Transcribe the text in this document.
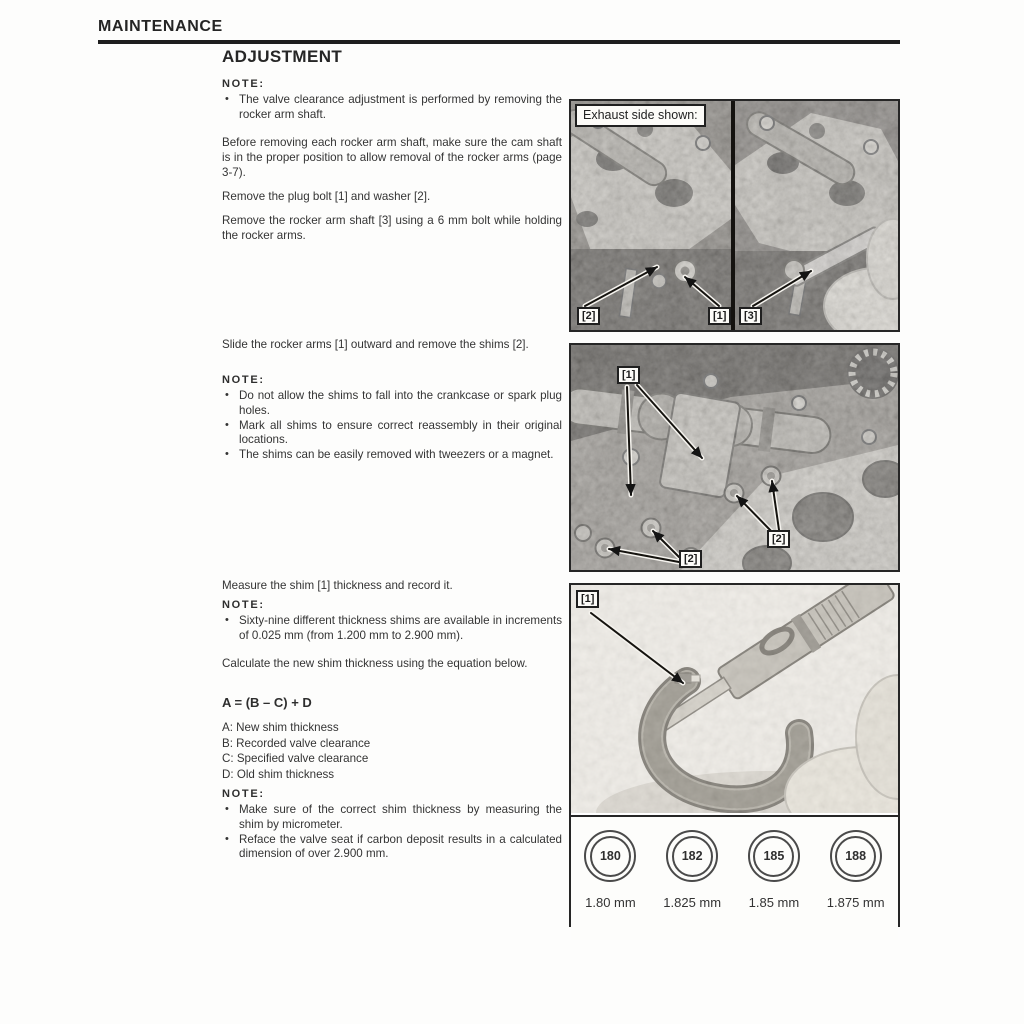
MAINTENANCE
ADJUSTMENT
NOTE:
• The valve clearance adjustment is performed by removing the rocker arm shaft.

Before removing each rocker arm shaft, make sure the cam shaft is in the proper position to allow removal of the rocker arms (page 3-7).

Remove the plug bolt [1] and washer [2].

Remove the rocker arm shaft [3] using a 6 mm bolt while holding the rocker arms.

Slide the rocker arms [1] outward and remove the shims [2].

NOTE:
• Do not allow the shims to fall into the crankcase or spark plug holes.
• Mark all shims to ensure correct reassembly in their original locations.
• The shims can be easily removed with tweezers or a magnet.

Measure the shim [1] thickness and record it.

NOTE:
• Sixty-nine different thickness shims are available in increments of 0.025 mm (from 1.200 mm to 2.900 mm).

Calculate the new shim thickness using the equation below.

A = (B – C) + D
A: New shim thickness
B: Recorded valve clearance
C: Specified valve clearance
D: Old shim thickness
NOTE:
• Make sure of the correct shim thickness by measuring the shim by micrometer.
• Reface the valve seat if carbon deposit results in a calculated dimension of over 2.900 mm.
Exhaust side shown:
[2]	[1]	[3]
[1]
[2]
[2]
[1]
180
1.80 mm
182
1.825 mm
185
1.85 mm
188
1.875 mm
